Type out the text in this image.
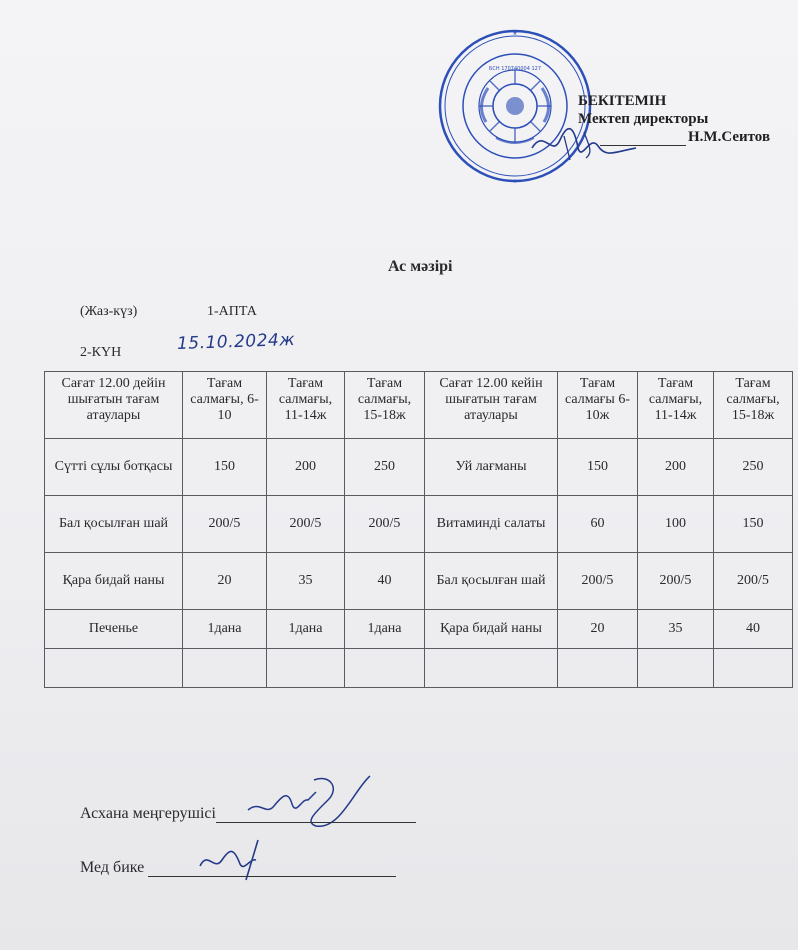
★
★
БСН 170740004 127
БЕКІТЕМІН
Мектеп директоры
Н.М.Сеитов
Ас мәзірі
(Жаз-күз)	1-АПТА
2-КҮН	15.10.2024ж
Сағат 12.00 дейін шығатын тағам атаулары	Тағам салмағы, 6-10	Тағам салмағы, 11-14ж	Тағам салмағы, 15-18ж	Сағат 12.00 кейін шығатын тағам атаулары	Тағам салмағы 6-10ж	Тағам салмағы, 11-14ж	Тағам салмағы, 15-18ж
Сүтті сұлы ботқасы	150	200	250	Уй лағманы	150	200	250
Бал қосылған шай	200/5	200/5	200/5	Витаминді салаты	60	100	150
Қара бидай наны	20	35	40	Бал қосылған шай	200/5	200/5	200/5
Печенье	1дана	1дана	1дана	Қара бидай наны	20	35	40

Асхана меңгерушісі
Мед бике
